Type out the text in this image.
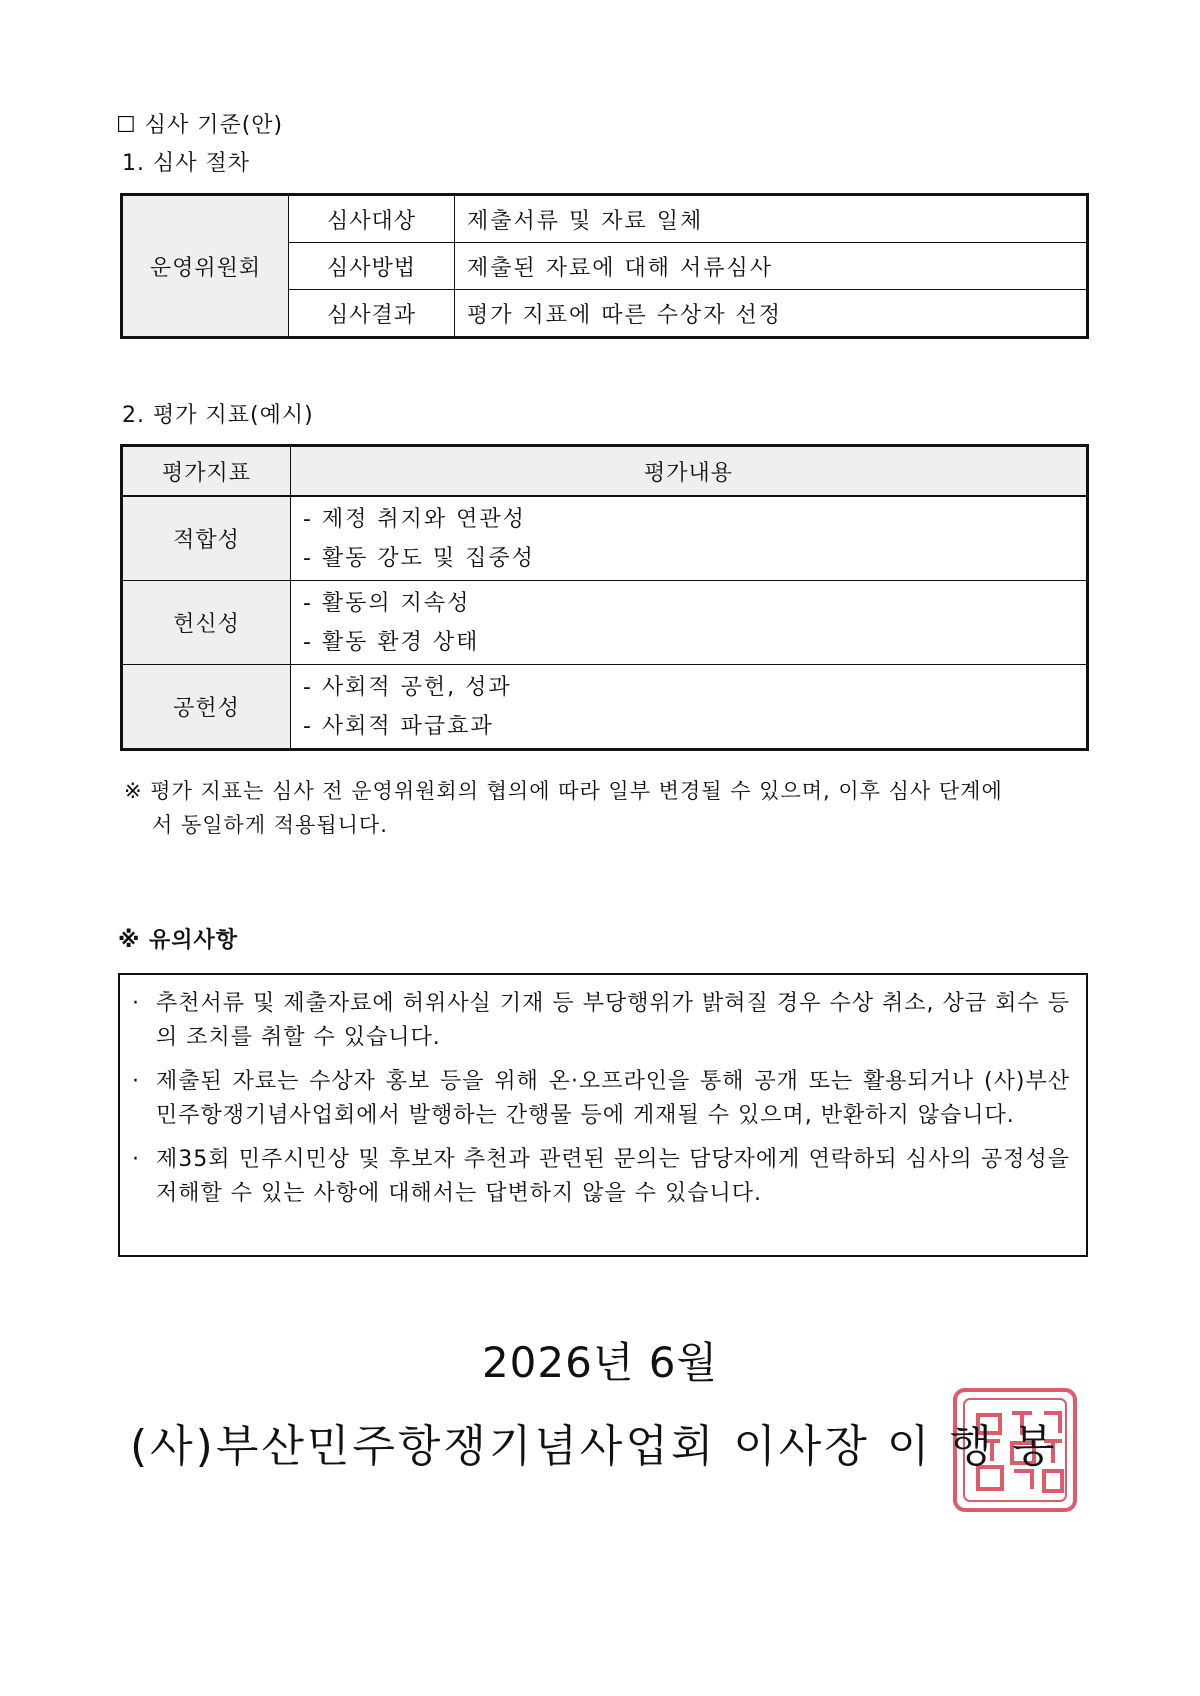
☐ 심사 기준(안)
1. 심사 절차
운영위원회	심사대상	제출서류 및 자료 일체
	심사방법	제출된 자료에 대해 서류심사
	심사결과	평가 지표에 따른 수상자 선정
2. 평가 지표(예시)
평가지표	평가내용
적합성	- 제정 취지와 연관성
- 활동 강도 및 집중성

헌신성	- 활동의 지속성
- 활동 환경 상태

공헌성	- 사회적 공헌, 성과
- 사회적 파급효과
※ 평가 지표는 심사 전 운영위원회의 협의에 따라 일부 변경될 수 있으며, 이후 심사 단계에
서 동일하게 적용됩니다.
※ 유의사항
· 추천서류 및 제출자료에 허위사실 기재 등 부당행위가 밝혀질 경우 수상 취소, 상금 회수 등의 조치를 취할 수 있습니다.
· 제출된 자료는 수상자 홍보 등을 위해 온·오프라인을 통해 공개 또는 활용되거나 (사)부산민주항쟁기념사업회에서 발행하는 간행물 등에 게재될 수 있으며, 반환하지 않습니다.
· 제35회 민주시민상 및 후보자 추천과 관련된 문의는 담당자에게 연락하되 심사의 공정성을 저해할 수 있는 사항에 대해서는 답변하지 않을 수 있습니다.
2026년 6월
(사)부산민주항쟁기념사업회 이사장 이 행 봉
